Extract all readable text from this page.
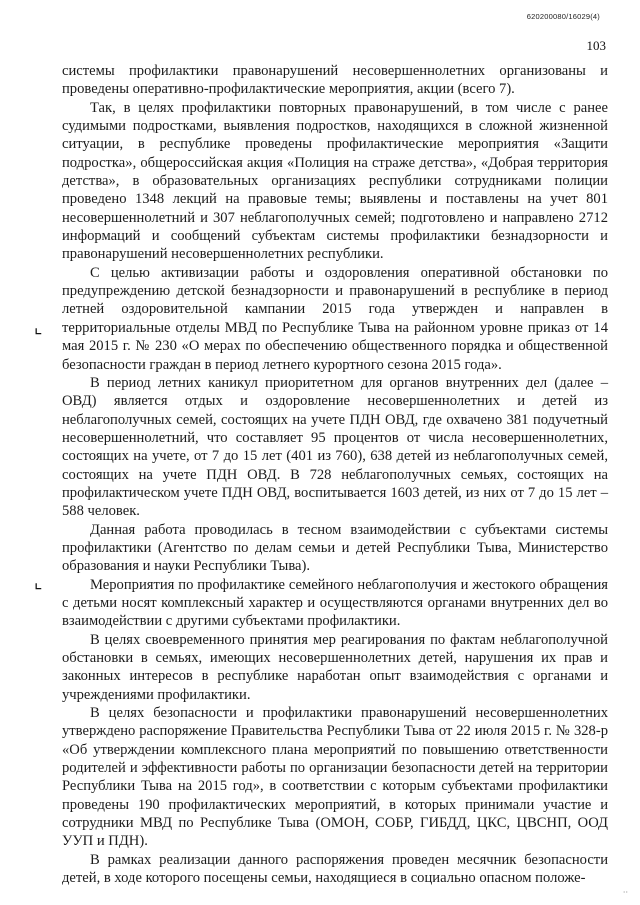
620200080/16029(4)
103
⌞
⌞

системы профилактики правонарушений несовершеннолетних организованы и проведены оперативно-профилактические мероприятия, акции (всего 7).

Так, в целях профилактики повторных правонарушений, в том числе с ранее судимыми подростками, выявления подростков, находящихся в сложной жизненной ситуации, в республике проведены профилактические мероприятия «Защити подростка», общероссийская акция «Полиция на страже детства», «Добрая территория детства», в образовательных организациях республики сотрудниками полиции проведено 1348 лекций на правовые темы; выявлены и поставлены на учет 801 несовершеннолетний и 307 неблагополучных семей; подготовлено и направлено 2712 информаций и сообщений субъектам системы профилактики безнадзорности и правонарушений несовершеннолетних республики.

С целью активизации работы и оздоровления оперативной обстановки по предупреждению детской безнадзорности и правонарушений в республике в период летней оздоровительной кампании 2015 года утвержден и направлен в территориальные отделы МВД по Республике Тыва на районном уровне приказ от 14 мая 2015 г. № 230 «О мерах по обеспечению общественного порядка и общественной безопасности граждан в период летнего курортного сезона 2015 года».

В период летних каникул приоритетном для органов внутренних дел (далее – ОВД) является отдых и оздоровление несовершеннолетних и детей из неблагополучных семей, состоящих на учете ПДН ОВД, где охвачено 381 подучетный несовершеннолетний, что составляет 95 процентов от числа несовершеннолетних, состоящих на учете, от 7 до 15 лет (401 из 760), 638 детей из неблагополучных семей, состоящих на учете ПДН ОВД. В 728 неблагополучных семьях, состоящих на профилактическом учете ПДН ОВД, воспитывается 1603 детей, из них от 7 до 15 лет – 588 человек.

Данная работа проводилась в тесном взаимодействии с субъектами системы профилактики (Агентство по делам семьи и детей Республики Тыва, Министерство образования и науки Республики Тыва).

Мероприятия по профилактике семейного неблагополучия и жестокого обращения с детьми носят комплексный характер и осуществляются органами внутренних дел во взаимодействии с другими субъектами профилактики.

В целях своевременного принятия мер реагирования по фактам неблагополучной обстановки в семьях, имеющих несовершеннолетних детей, нарушения их прав и законных интересов в республике наработан опыт взаимодействия с органами и учреждениями профилактики.

В целях безопасности и профилактики правонарушений несовершеннолетних утверждено распоряжение Правительства Республики Тыва от 22 июля 2015 г. № 328-р «Об утверждении комплексного плана мероприятий по повышению ответственности родителей и эффективности работы по организации безопасности детей на территории Республики Тыва на 2015 год», в соответствии с которым субъектами профилактики проведены 190 профилактических мероприятий, в которых принимали участие и сотрудники МВД по Республике Тыва (ОМОН, СОБР, ГИБДД, ЦКС, ЦВСНП, ООД УУП и ПДН).

В рамках реализации данного распоряжения проведен месячник безопасности детей, в ходе которого посещены семьи, находящиеся в социально опасном положе-

‧‧
